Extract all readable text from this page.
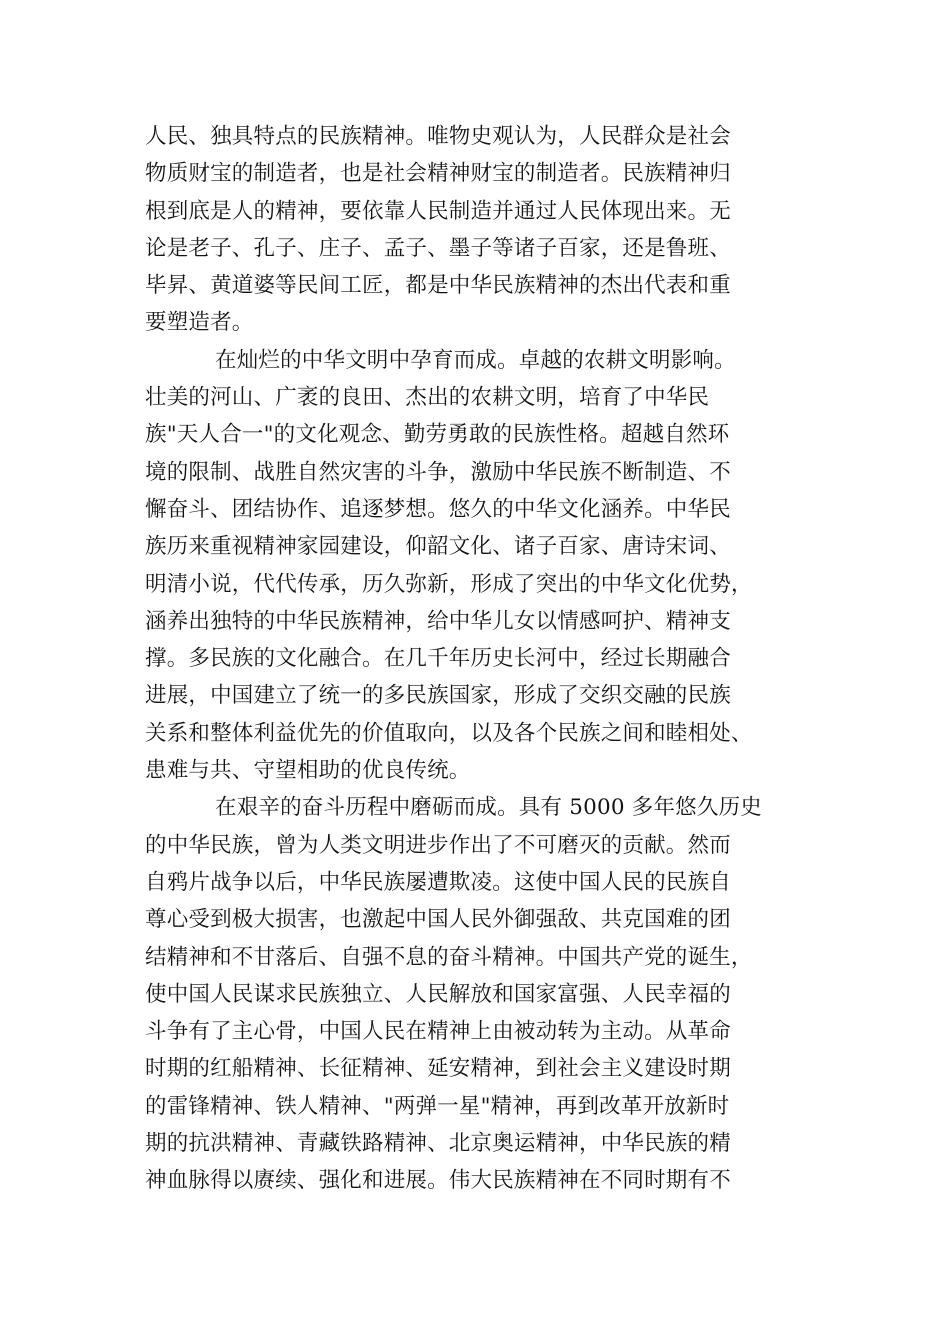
人民、独具特点的民族精神。唯物史观认为，人民群众是社会
物质财宝的制造者，也是社会精神财宝的制造者。民族精神归
根到底是人的精神，要依靠人民制造并通过人民体现出来。无
论是老子、孔子、庄子、孟子、墨子等诸子百家，还是鲁班、
毕昇、黄道婆等民间工匠，都是中华民族精神的杰出代表和重
要塑造者。
在灿烂的中华文明中孕育而成。卓越的农耕文明影响。
壮美的河山、广袤的良田、杰出的农耕文明，培育了中华民
族"天人合一"的文化观念、勤劳勇敢的民族性格。超越自然环
境的限制、战胜自然灾害的斗争，激励中华民族不断制造、不
懈奋斗、团结协作、追逐梦想。悠久的中华文化涵养。中华民
族历来重视精神家园建设，仰韶文化、诸子百家、唐诗宋词、
明清小说，代代传承，历久弥新，形成了突出的中华文化优势，
涵养出独特的中华民族精神，给中华儿女以情感呵护、精神支
撑。多民族的文化融合。在几千年历史长河中，经过长期融合
进展，中国建立了统一的多民族国家，形成了交织交融的民族
关系和整体利益优先的价值取向，以及各个民族之间和睦相处、
患难与共、守望相助的优良传统。
在艰辛的奋斗历程中磨砺而成。具有 5000 多年悠久历史
的中华民族，曾为人类文明进步作出了不可磨灭的贡献。然而
自鸦片战争以后，中华民族屡遭欺凌。这使中国人民的民族自
尊心受到极大损害，也激起中国人民外御强敌、共克国难的团
结精神和不甘落后、自强不息的奋斗精神。中国共产党的诞生，
使中国人民谋求民族独立、人民解放和国家富强、人民幸福的
斗争有了主心骨，中国人民在精神上由被动转为主动。从革命
时期的红船精神、长征精神、延安精神，到社会主义建设时期
的雷锋精神、铁人精神、"两弹一星"精神，再到改革开放新时
期的抗洪精神、青藏铁路精神、北京奥运精神，中华民族的精
神血脉得以赓续、强化和进展。伟大民族精神在不同时期有不
